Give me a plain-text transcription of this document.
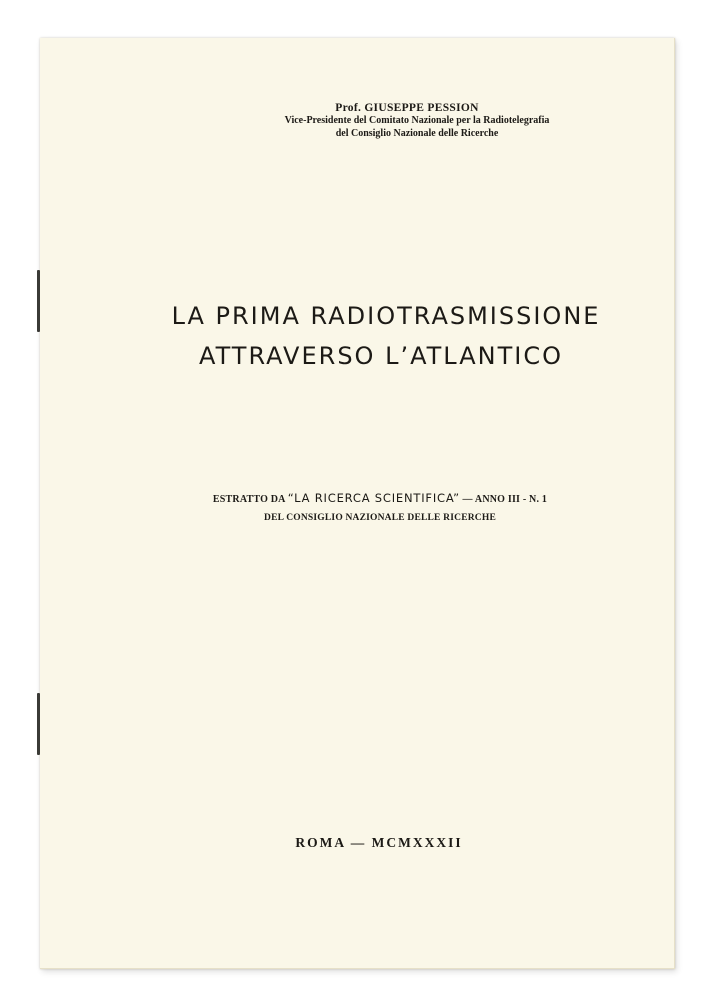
Prof. GIUSEPPE PESSION
Vice-Presidente del Comitato Nazionale per la Radiotelegrafia
del Consiglio Nazionale delle Ricerche
LA PRIMA RADIOTRASMISSIONE
ATTRAVERSO L’ATLANTICO
ESTRATTO DA “LA RICERCA SCIENTIFICA” — ANNO III - N. 1
DEL CONSIGLIO NAZIONALE DELLE RICERCHE
ROMA — MCMXXXII
